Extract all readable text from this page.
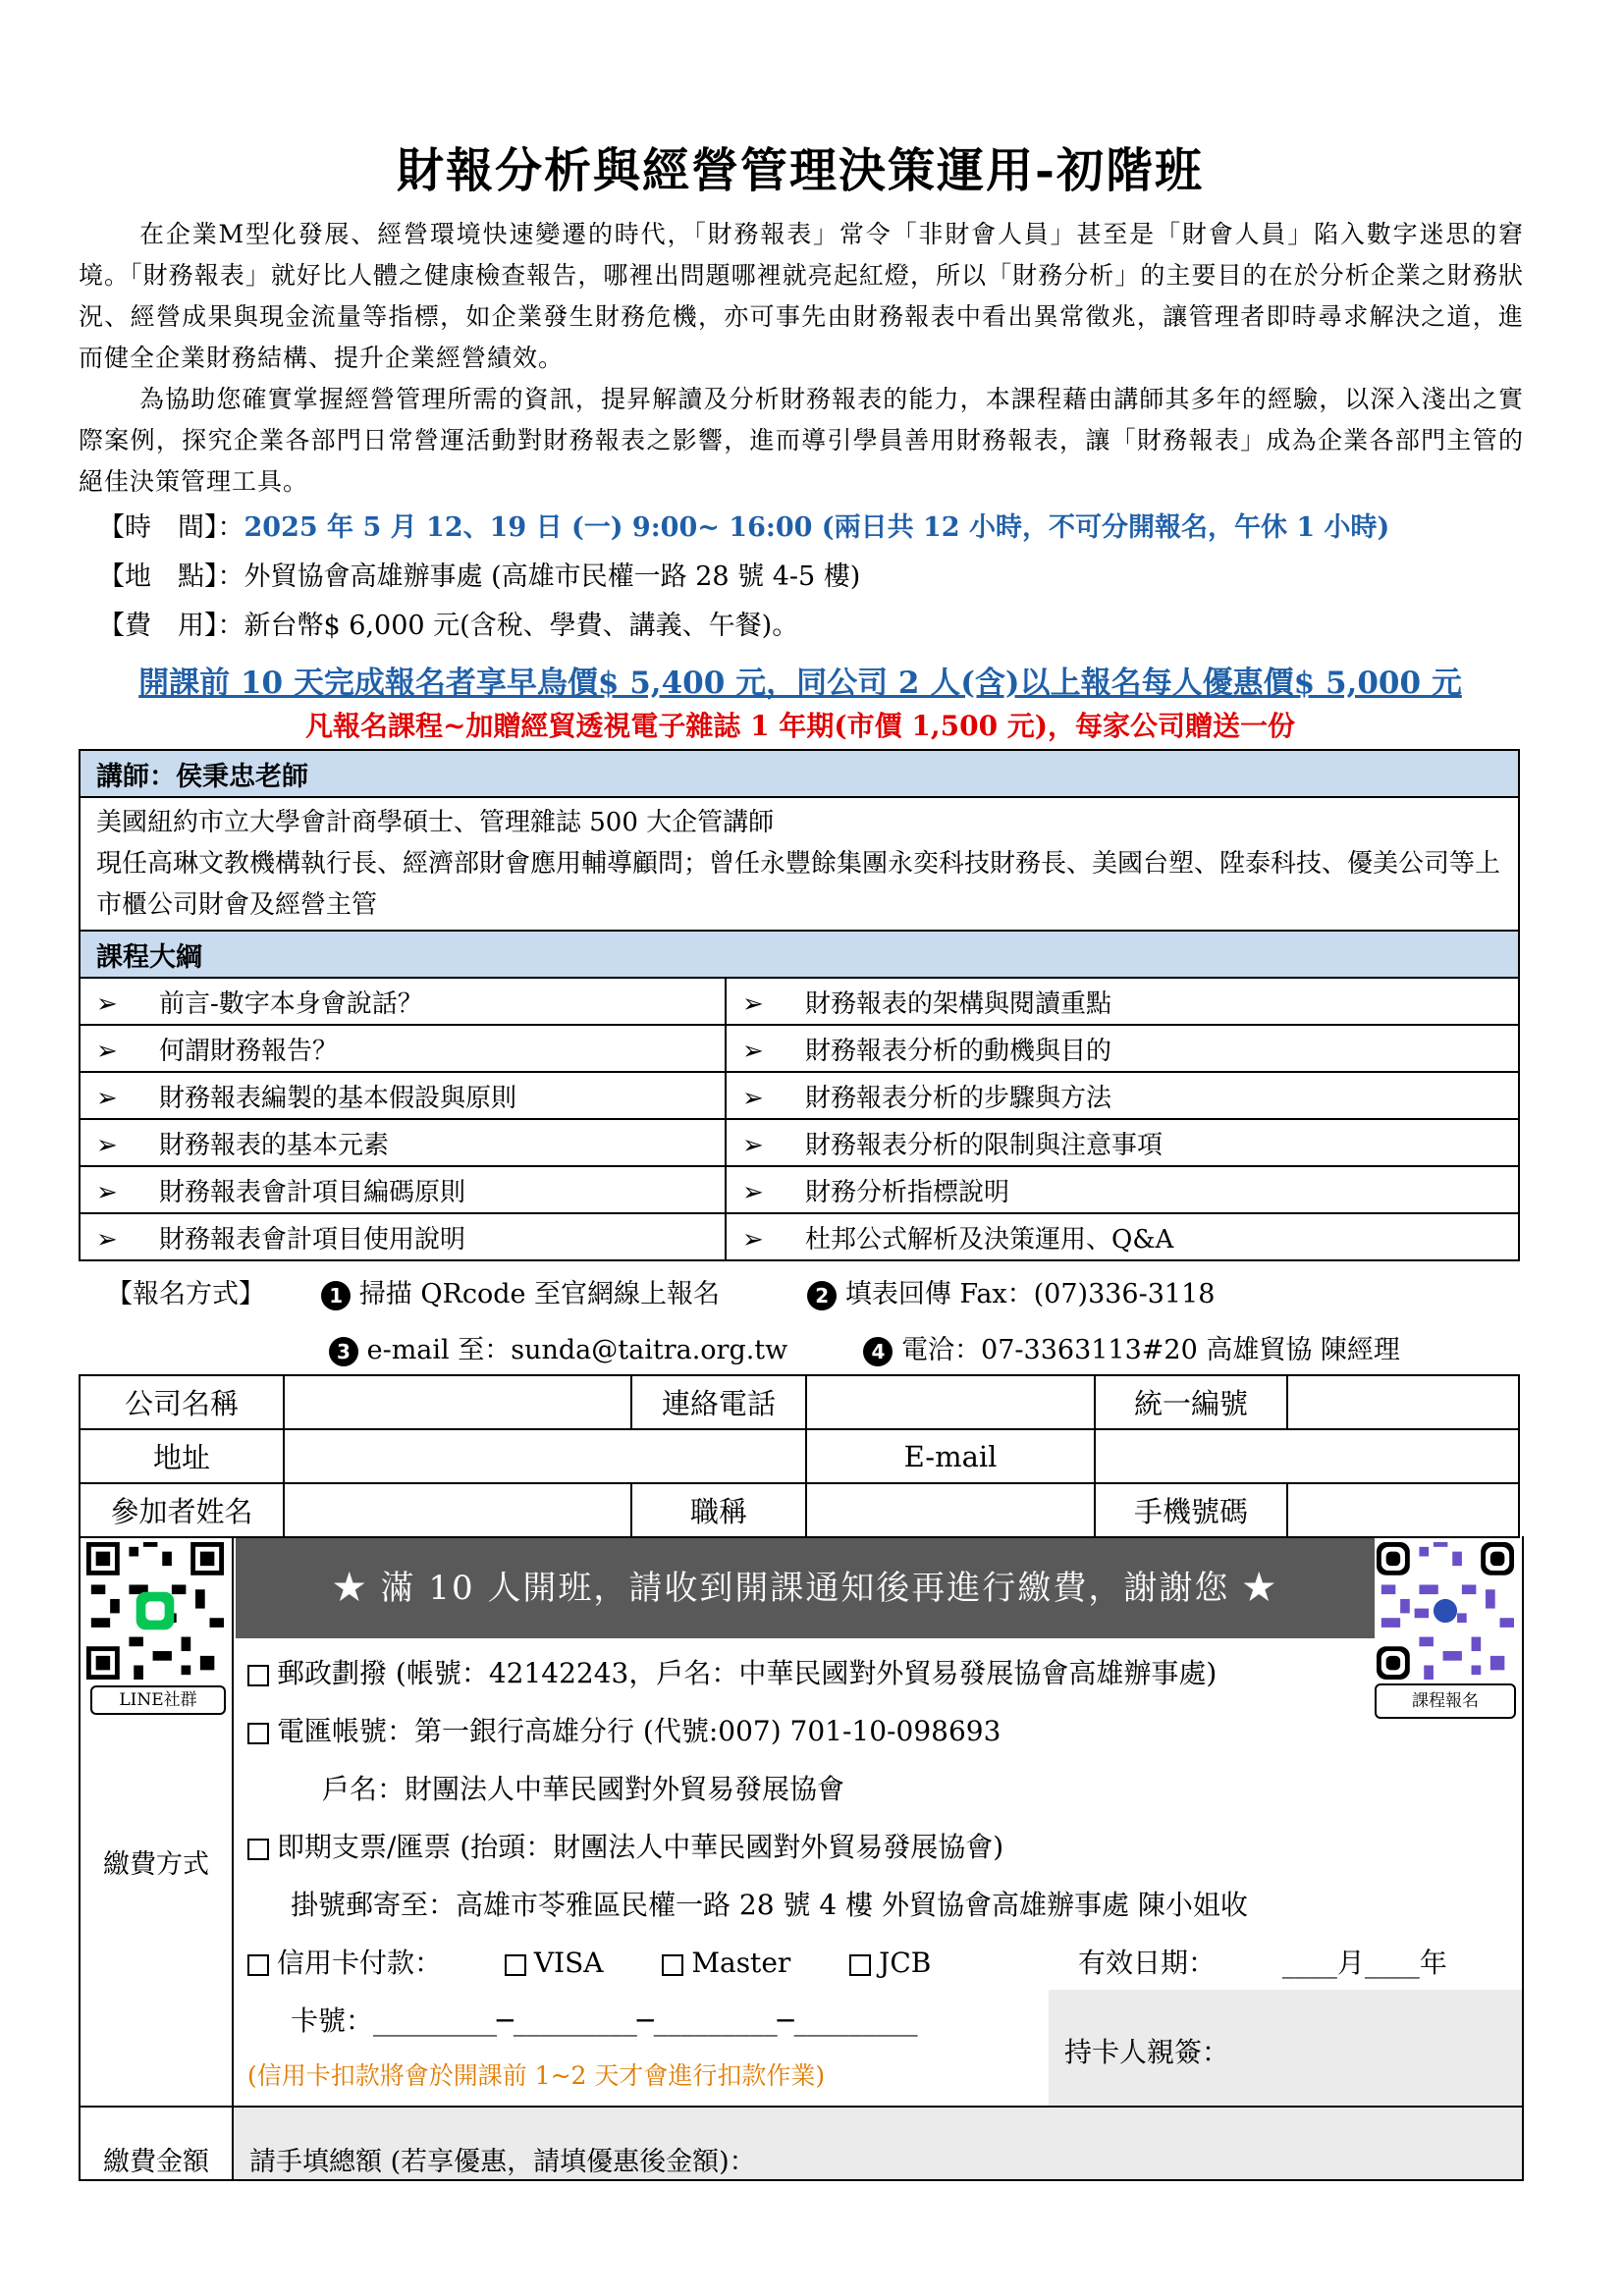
財報分析與經營管理決策運用-初階班

在企業M型化發展、經營環境快速變遷的時代，「財務報表」常令「非財會人員」甚至是「財會人員」陷入數字迷思的窘境。「財務報表」就好比人體之健康檢查報告，哪裡出問題哪裡就亮起紅燈，所以「財務分析」的主要目的在於分析企業之財務狀況、經營成果與現金流量等指標，如企業發生財務危機，亦可事先由財務報表中看出異常徵兆，讓管理者即時尋求解決之道，進而健全企業財務結構、提升企業經營績效。

為協助您確實掌握經營管理所需的資訊，提昇解讀及分析財務報表的能力，本課程藉由講師其多年的經驗，以深入淺出之實際案例，探究企業各部門日常營運活動對財務報表之影響，進而導引學員善用財務報表，讓「財務報表」成為企業各部門主管的絕佳決策管理工具。

【時　間】：2025 年 5 月 12、19 日 (一) 9:00~ 16:00 (兩日共 12 小時，不可分開報名，午休 1 小時)
【地　點】：外貿協會高雄辦事處 (高雄市民權一路 28 號 4-5 樓)
【費　用】：新台幣$ 6,000 元(含稅、學費、講義、午餐)。
開課前 10 天完成報名者享早鳥價$ 5,400 元，同公司 2 人(含)以上報名每人優惠價$ 5,000 元
凡報名課程~加贈經貿透視電子雜誌 1 年期(市價 1,500 元)，每家公司贈送一份
講師：侯秉忠老師	

美國紐約市立大學會計商學碩士、管理雜誌 500 大企管講師
現任高琳文教機構執行長、經濟部財會應用輔導顧問；曾任永豐餘集團永奕科技財務長、美國台塑、陞泰科技、優美公司等上市櫃公司財會及經營主管	

課程大綱	
➢ 前言-數字本身會說話？	➢ 財務報表的架構與閱讀重點
➢ 何謂財務報告？	➢ 財務報表分析的動機與目的
➢ 財務報表編製的基本假設與原則	➢ 財務報表分析的步驟與方法
➢ 財務報表的基本元素	➢ 財務報表分析的限制與注意事項
➢ 財務報表會計項目編碼原則	➢ 財務分析指標說明
➢ 財務報表會計項目使用說明	➢ 杜邦公式解析及決策運用、Q&A
【報名方式】	1 掃描 QRcode 至官網線上報名	2 填表回傳 Fax：(07)336-3118
3 e-mail 至：sunda@taitra.org.tw	4 電洽：07-3363113#20 高雄貿協 陳經理
公司名稱		連絡電話		統一編號	
地址			E-mail		
參加者姓名		職稱		手機號碼	
LINE社群
★ 滿 10 人開班，請收到開課通知後再進行繳費，謝謝您 ★
課程報名
繳費方式
郵政劃撥 (帳號：42142243，戶名：中華民國對外貿易發展協會高雄辦事處)
電匯帳號：第一銀行高雄分行 (代號:007) 701-10-098693
戶名：財團法人中華民國對外貿易發展協會
即期支票/匯票 (抬頭：財團法人中華民國對外貿易發展協會)
掛號郵寄至：高雄市苓雅區民權一路 28 號 4 樓 外貿協會高雄辦事處 陳小姐收
信用卡付款：	VISA	Master	JCB	有效日期： ____月____年
持卡人親簽：
卡號：_________─_________─_________─_________
(信用卡扣款將會於開課前 1~2 天才會進行扣款作業)
繳費金額	請手填總額 (若享優惠，請填優惠後金額)：
